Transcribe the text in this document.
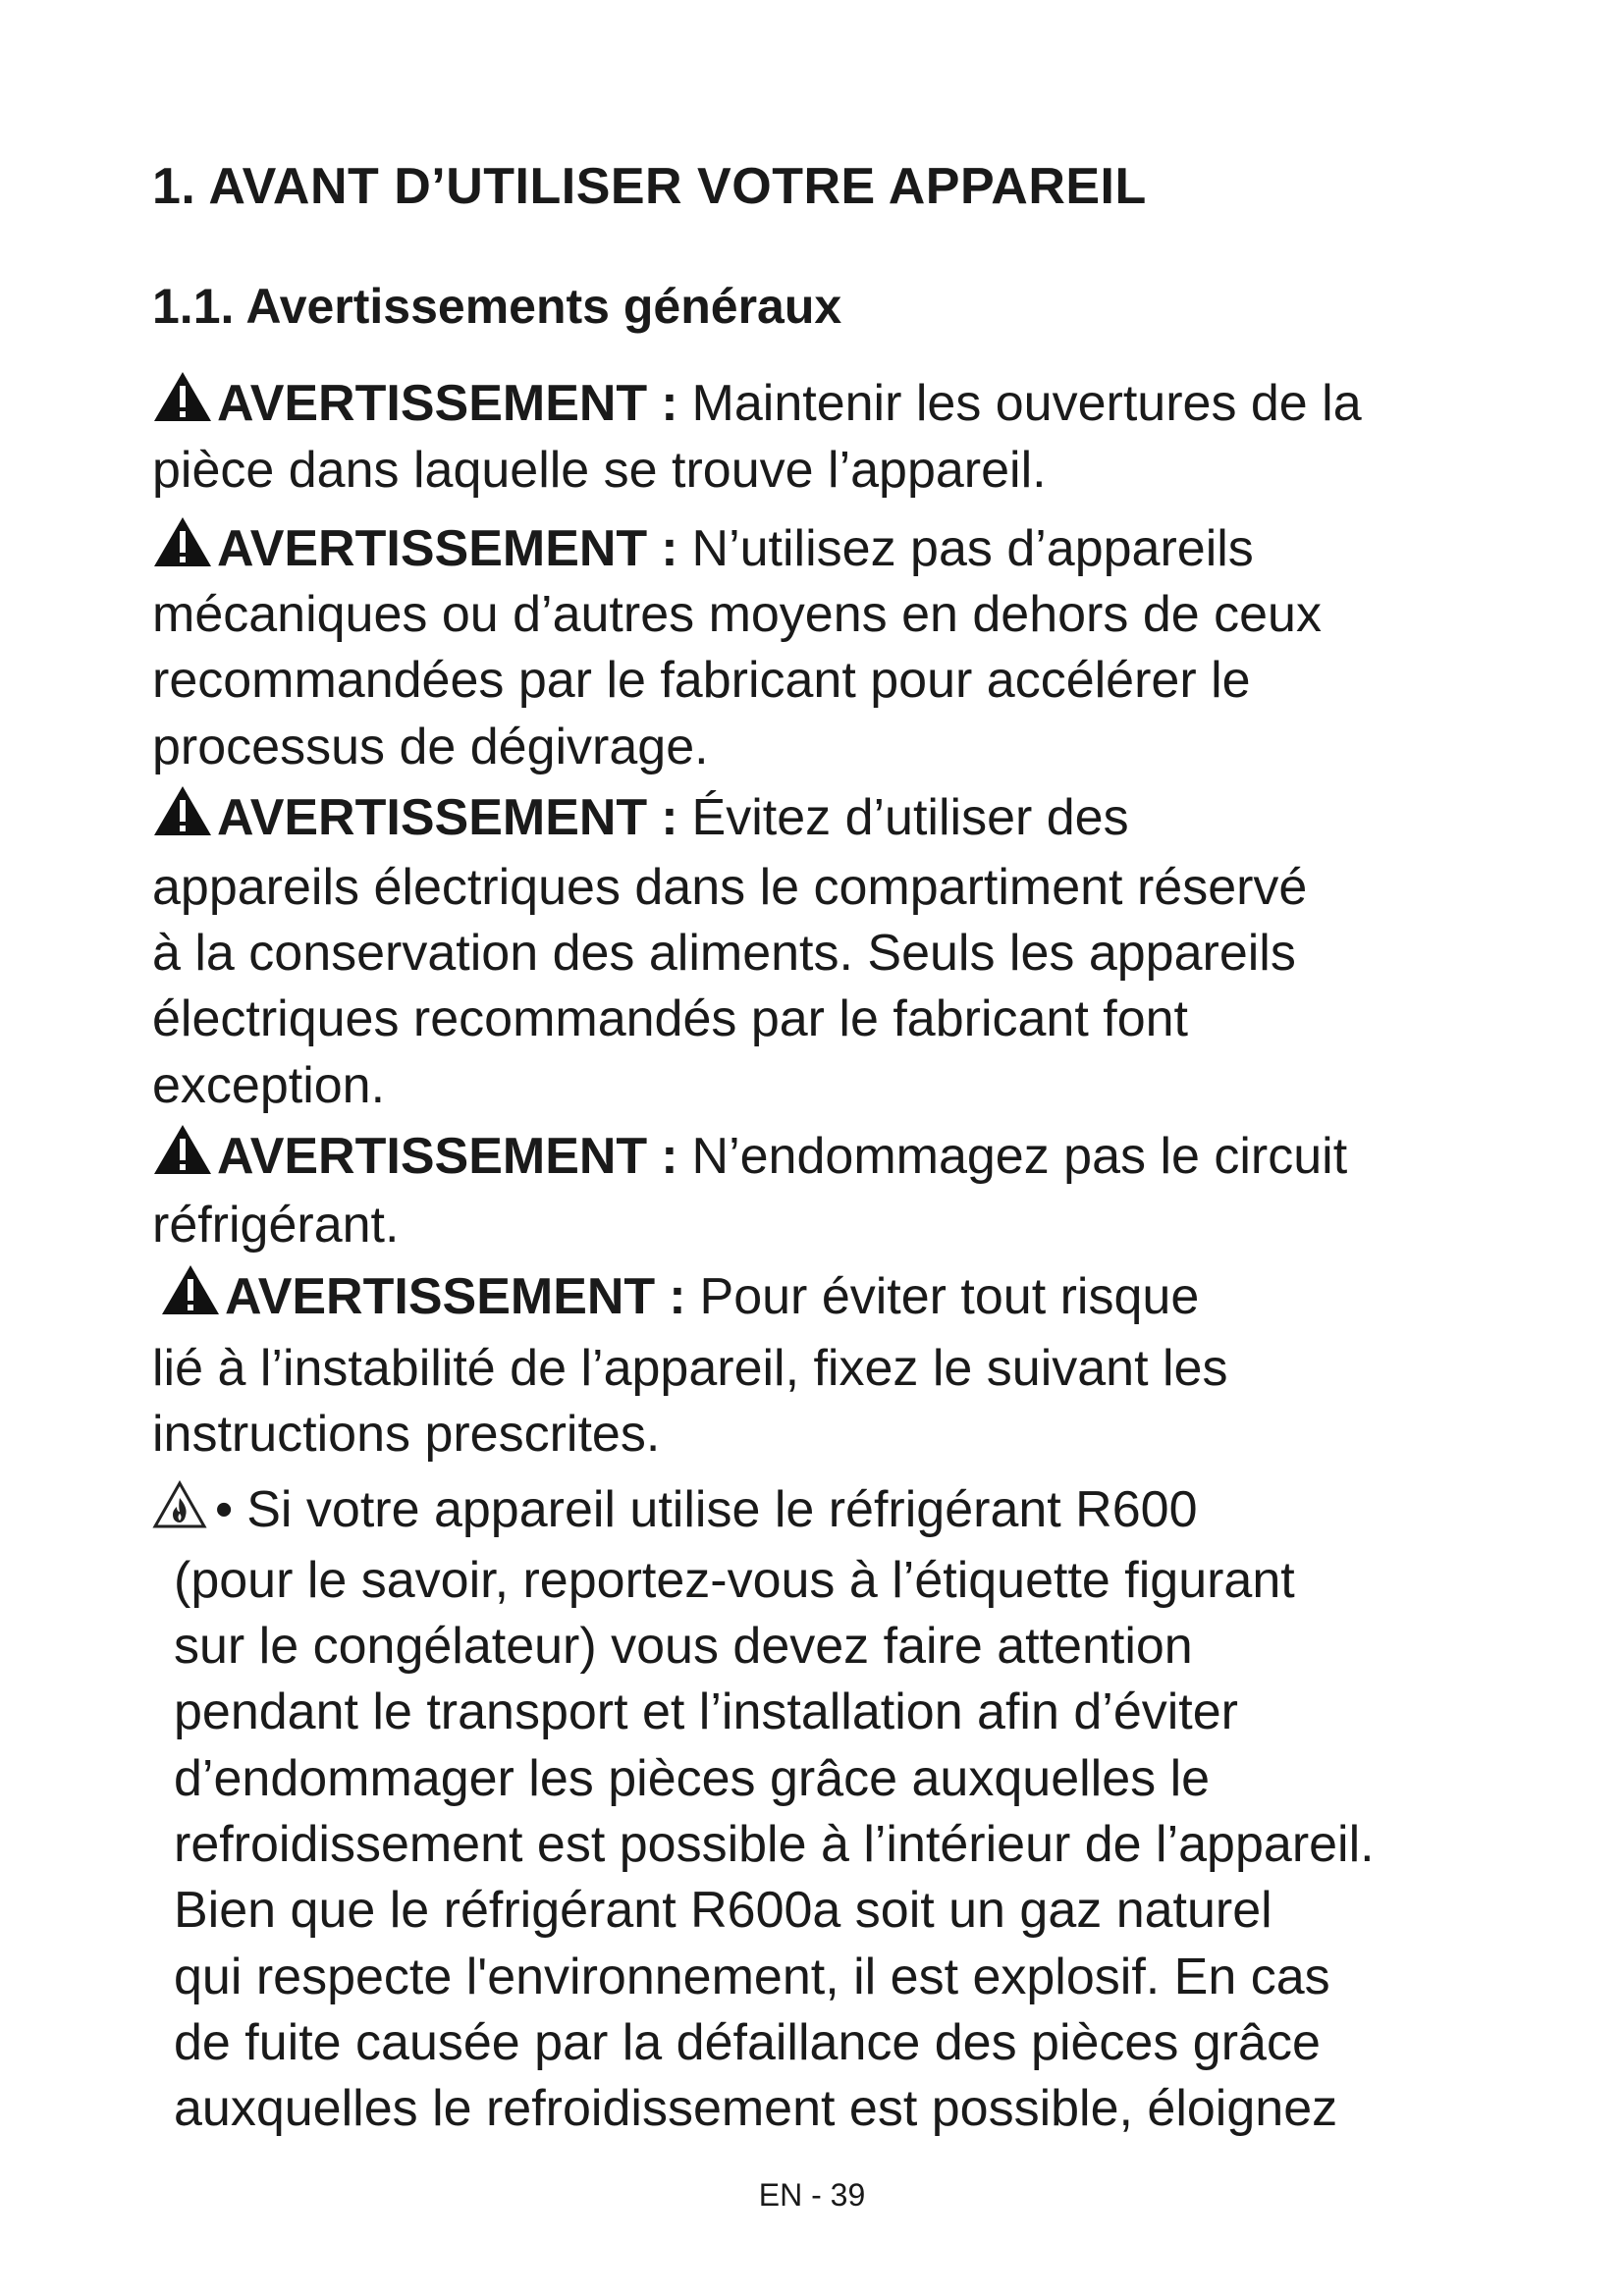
1. AVANT D’UTILISER VOTRE APPAREIL
1.1. Avertissements généraux
AVERTISSEMENT : Maintenir les ouvertures de la
pièce dans laquelle se trouve l’appareil.
AVERTISSEMENT : N’utilisez pas d’appareils
mécaniques ou d’autres moyens en dehors de ceux
recommandées par le fabricant pour accélérer le
processus de dégivrage.
AVERTISSEMENT : Évitez d’utiliser des
appareils électriques dans le compartiment réservé
à la conservation des aliments. Seuls les appareils
électriques recommandés par le fabricant font
exception.
AVERTISSEMENT : N’endommagez pas le circuit
réfrigérant.
AVERTISSEMENT : Pour éviter tout risque
lié à l’instabilité de l’appareil, fixez le suivant les
instructions prescrites.
• Si votre appareil utilise le réfrigérant R600
(pour le savoir, reportez-vous à l’étiquette figurant
sur le congélateur) vous devez faire attention
pendant le transport et l’installation afin d’éviter
d’endommager les pièces grâce auxquelles le
refroidissement est possible à l’intérieur de l’appareil.
Bien que le réfrigérant R600a soit un gaz naturel
qui respecte l'environnement, il est explosif. En cas
de fuite causée par la défaillance des pièces grâce
auxquelles le refroidissement est possible, éloignez
EN - 39
